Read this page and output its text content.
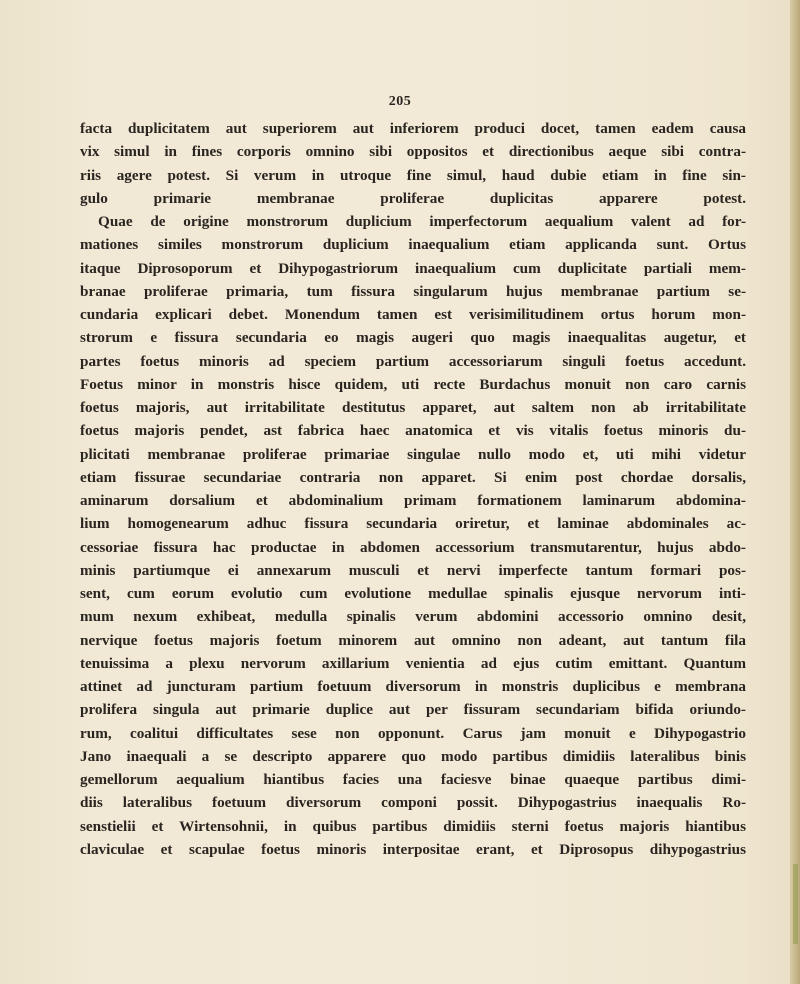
205
facta duplicitatem aut superiorem aut inferiorem produci docet, tamen eadem causa
vix simul in fines corporis omnino sibi oppositos et directionibus aeque sibi contra-
riis agere potest. Si verum in utroque fine simul, haud dubie etiam in fine sin-
gulo primarie membranae proliferae duplicitas apparere potest.
Quae de origine monstrorum duplicium imperfectorum aequalium valent ad for-
mationes similes monstrorum duplicium inaequalium etiam applicanda sunt. Ortus
itaque Diprosoporum et Dihypogastriorum inaequalium cum duplicitate partiali mem-
branae proliferae primaria, tum fissura singularum hujus membranae partium se-
cundaria explicari debet. Monendum tamen est verisimilitudinem ortus horum mon-
strorum e fissura secundaria eo magis augeri quo magis inaequalitas augetur, et
partes foetus minoris ad speciem partium accessoriarum singuli foetus accedunt.
Foetus minor in monstris hisce quidem, uti recte Burdachus monuit non caro carnis
foetus majoris, aut irritabilitate destitutus apparet, aut saltem non ab irritabilitate
foetus majoris pendet, ast fabrica haec anatomica et vis vitalis foetus minoris du-
plicitati membranae proliferae primariae singulae nullo modo et, uti mihi videtur
etiam fissurae secundariae contraria non apparet. Si enim post chordae dorsalis,
aminarum dorsalium et abdominalium primam formationem laminarum abdomina-
lium homogenearum adhuc fissura secundaria oriretur, et laminae abdominales ac-
cessoriae fissura hac productae in abdomen accessorium transmutarentur, hujus abdo-
minis partiumque ei annexarum musculi et nervi imperfecte tantum formari pos-
sent, cum eorum evolutio cum evolutione medullae spinalis ejusque nervorum inti-
mum nexum exhibeat, medulla spinalis verum abdomini accessorio omnino desit,
nervique foetus majoris foetum minorem aut omnino non adeant, aut tantum fila
tenuissima a plexu nervorum axillarium venientia ad ejus cutim emittant. Quantum
attinet ad juncturam partium foetuum diversorum in monstris duplicibus e membrana
prolifera singula aut primarie duplice aut per fissuram secundariam bifida oriundo-
rum, coalitui difficultates sese non opponunt. Carus jam monuit e Dihypogastrio
Jano inaequali a se descripto apparere quo modo partibus dimidiis lateralibus binis
gemellorum aequalium hiantibus facies una faciesve binae quaeque partibus dimi-
diis lateralibus foetuum diversorum componi possit. Dihypogastrius inaequalis Ro-
senstielii et Wirtensohnii, in quibus partibus dimidiis sterni foetus majoris hiantibus
claviculae et scapulae foetus minoris interpositae erant, et Diprosopus dihypogastrius
